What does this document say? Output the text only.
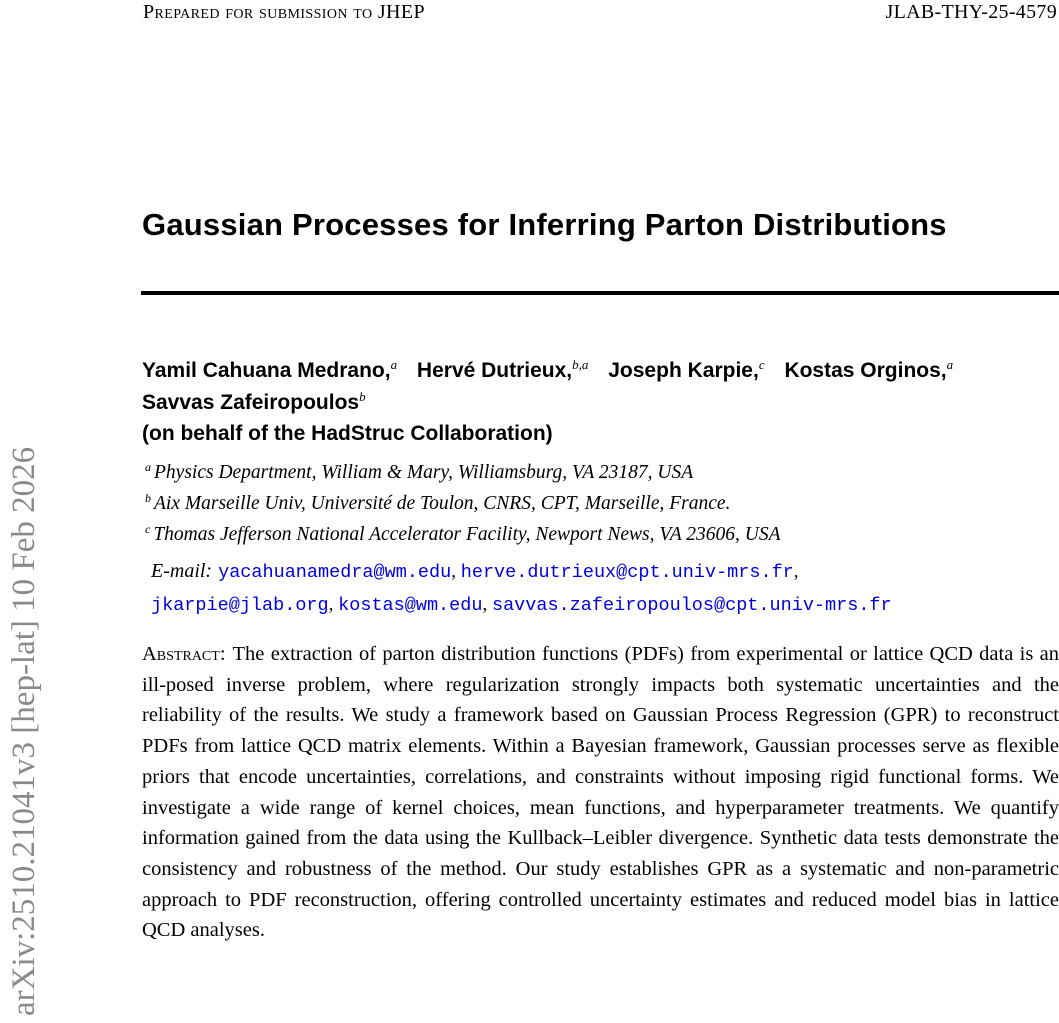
arXiv:2510.21041v3 [hep-lat] 10 Feb 2026
Prepared for submission to JHEP	JLAB-THY-25-4579
Gaussian Processes for Inferring Parton Distributions
Yamil Cahuana Medrano,$^a$ Hervé Dutrieux,$^{b,a}$ Joseph Karpie,$^c$ Kostas Orginos,$^a$
Savvas Zafeiropoulos$^b$
(on behalf of the HadStruc Collaboration)
$^a$ Physics Department, William & Mary, Williamsburg, VA 23187, USA
$^b$ Aix Marseille Univ, Université de Toulon, CNRS, CPT, Marseille, France.
$^c$ Thomas Jefferson National Accelerator Facility, Newport News, VA 23606, USA
E-mail: yacahuanamedra@wm.edu, herve.dutrieux@cpt.univ-mrs.fr,
jkarpie@jlab.org, kostas@wm.edu, savvas.zafeiropoulos@cpt.univ-mrs.fr

Abstract: The extraction of parton distribution functions (PDFs) from experimental or lattice QCD data is an ill-posed inverse problem, where regularization strongly impacts both systematic uncertainties and the reliability of the results. We study a framework based on Gaussian Process Regression (GPR) to reconstruct PDFs from lattice QCD matrix elements. Within a Bayesian framework, Gaussian processes serve as flexible priors that encode uncertainties, correlations, and constraints without imposing rigid functional forms. We investigate a wide range of kernel choices, mean functions, and hyperparameter treatments. We quantify information gained from the data using the Kullback–Leibler divergence. Synthetic data tests demonstrate the consistency and robustness of the method. Our study establishes GPR as a systematic and non-parametric approach to PDF reconstruction, offering controlled uncertainty estimates and reduced model bias in lattice QCD analyses.
